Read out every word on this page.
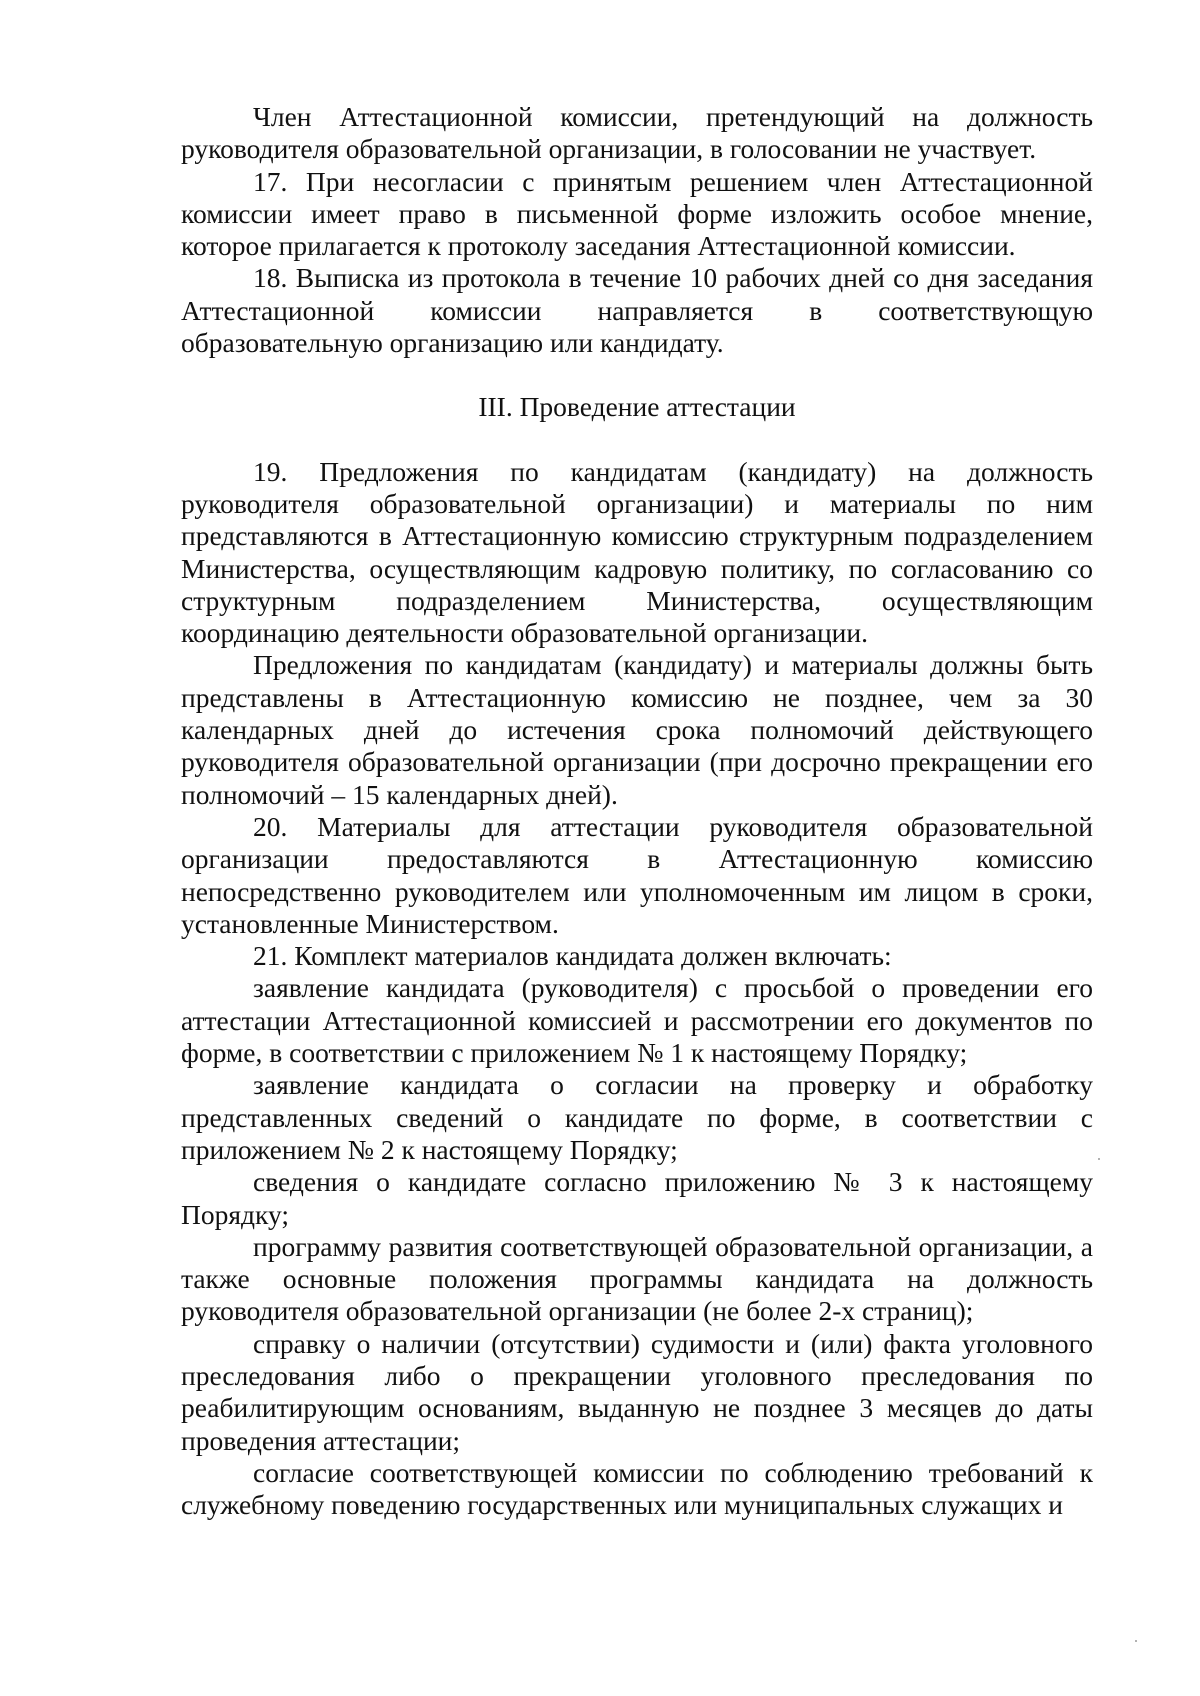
Член Аттестационной комиссии, претендующий на должность руководителя образовательной организации, в голосовании не участвует.

17. При несогласии с принятым решением член Аттестационной комиссии имеет право в письменной форме изложить особое мнение, которое прилагается к протоколу заседания Аттестационной комиссии.

18. Выписка из протокола в течение 10 рабочих дней со дня заседания Аттестационной комиссии направляется в соответствующую образовательную организацию или кандидату.

III. Проведение аттестации

19. Предложения по кандидатам (кандидату) на должность руководителя образовательной организации) и материалы по ним представляются в Аттестационную комиссию структурным подразделением Министерства, осуществляющим кадровую политику, по согласованию со структурным подразделением Министерства, осуществляющим координацию деятельности образовательной организации.

Предложения по кандидатам (кандидату) и материалы должны быть представлены в Аттестационную комиссию не позднее, чем за 30 календарных дней до истечения срока полномочий действующего руководителя образовательной организации (при досрочно прекращении его полномочий – 15 календарных дней).

20. Материалы для аттестации руководителя образовательной организации предоставляются в Аттестационную комиссию непосредственно руководителем или уполномоченным им лицом в сроки, установленные Министерством.

21. Комплект материалов кандидата должен включать:

заявление кандидата (руководителя) с просьбой о проведении его аттестации Аттестационной комиссией и рассмотрении его документов по форме, в соответствии с приложением № 1 к настоящему Порядку;

заявление кандидата о согласии на проверку и обработку представленных сведений о кандидате по форме, в соответствии с приложением № 2 к настоящему Порядку;

сведения о кандидате согласно приложению № 3 к настоящему Порядку;

программу развития соответствующей образовательной организации, а также основные положения программы кандидата на должность руководителя образовательной организации (не более 2-х страниц);

справку о наличии (отсутствии) судимости и (или) факта уголовного преследования либо о прекращении уголовного преследования по реабилитирующим основаниям, выданную не позднее 3 месяцев до даты проведения аттестации;

согласие соответствующей комиссии по соблюдению требований к служебному поведению государственных или муниципальных служащих и
